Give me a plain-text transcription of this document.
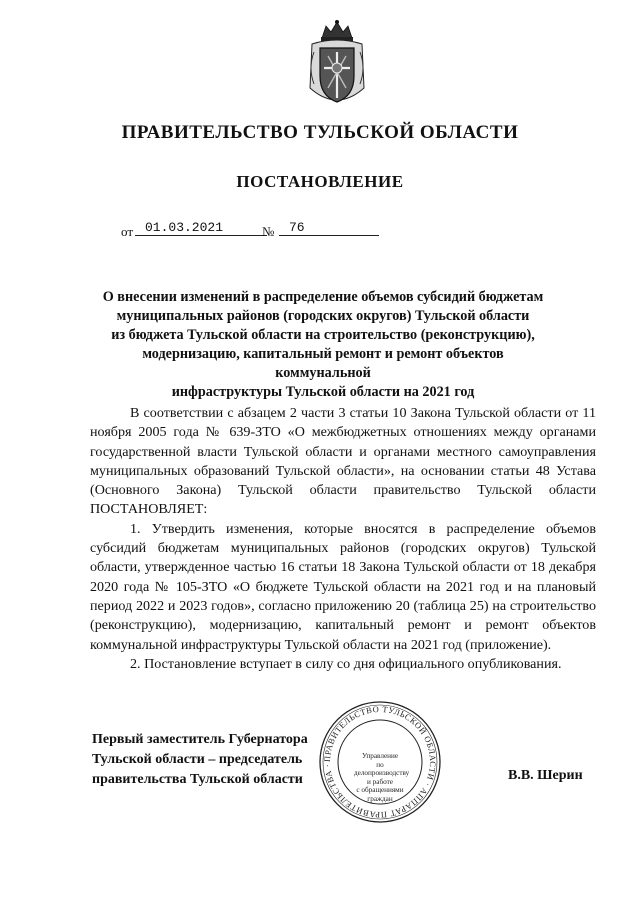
ПРАВИТЕЛЬСТВО ТУЛЬСКОЙ ОБЛАСТИ
ПОСТАНОВЛЕНИЕ
от 01.03.2021	№	76
О внесении изменений в распределение объемов субсидий бюджетам
муниципальных районов (городских округов) Тульской области
из бюджета Тульской области на строительство (реконструкцию),
модернизацию, капитальный ремонт и ремонт объектов коммунальной
инфраструктуры Тульской области на 2021 год

В соответствии с абзацем 2 части 3 статьи 10 Закона Тульской области от 11 ноября 2005 года № 639-ЗТО «О межбюджетных отношениях между органами государственной власти Тульской области и органами местного самоуправления муниципальных образований Тульской области», на основании статьи 48 Устава (Основного Закона) Тульской области правительство Тульской области ПОСТАНОВЛЯЕТ:

1. Утвердить изменения, которые вносятся в распределение объемов субсидий бюджетам муниципальных районов (городских округов) Тульской области, утвержденное частью 16 статьи 18 Закона Тульской области от 18 декабря 2020 года № 105-ЗТО «О бюджете Тульской области на 2021 год и на плановый период 2022 и 2023 годов», согласно приложению 20 (таблица 25) на строительство (реконструкцию), модернизацию, капитальный ремонт и ремонт объектов коммунальной инфраструктуры Тульской области на 2021 год (приложение).

2. Постановление вступает в силу со дня официального опубликования.

ПРАВИТЕЛЬСТВО ТУЛЬСКОЙ ОБЛАСТИ · АППАРАТ ПРАВИТЕЛЬСТВА ·
Управление
по делопроизводству
и работе
с обращениями
граждан
Первый заместитель Губернатора
Тульской области – председатель
правительства Тульской области	В.В. Шерин
